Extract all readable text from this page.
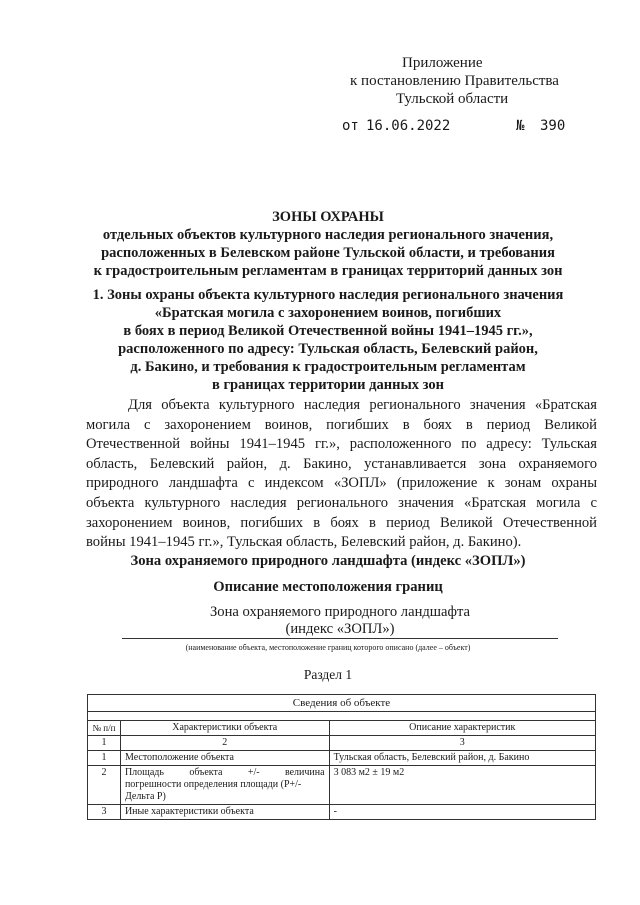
Приложение
к постановлению Правительства
Тульской области
от 16.06.2022	№ 390
ЗОНЫ ОХРАНЫ
отдельных объектов культурного наследия регионального значения,
расположенных в Белевском районе Тульской области, и требования
к градостроительным регламентам в границах территорий данных зон
1. Зоны охраны объекта культурного наследия регионального значения
«Братская могила с захоронением воинов, погибших
в боях в период Великой Отечественной войны 1941–1945 гг.»,
расположенного по адресу: Тульская область, Белевский район,
д. Бакино, и требования к градостроительным регламентам
в границах территории данных зон
Для объекта культурного наследия регионального значения «Братская
могила с захоронением воинов, погибших в боях в период Великой
Отечественной войны 1941–1945 гг.», расположенного по адресу: Тульская
область, Белевский район, д. Бакино, устанавливается зона охраняемого
природного ландшафта с индексом «ЗОПЛ» (приложение к зонам охраны
объекта культурного наследия регионального значения «Братская могила с
захоронением воинов, погибших в боях в период Великой Отечественной
войны 1941–1945 гг.», Тульская область, Белевский район, д. Бакино).
Зона охраняемого природного ландшафта (индекс «ЗОПЛ»)
Описание местоположения границ
Зона охраняемого природного ландшафта
(индекс «ЗОПЛ»)
(наименование объекта, местоположение границ которого описано (далее – объект)
Раздел 1
Сведения об объекте		

№ п/п	Характеристики объекта	Описание характеристик
1	2	3
1	Местоположение объекта	Тульская область, Белевский район, д. Бакино
2	Площадь объекта +/- величина
погрешности определения площади (Р+/-
Дельта Р)	3 083 м2 ± 19 м2
3	Иные характеристики объекта	-
